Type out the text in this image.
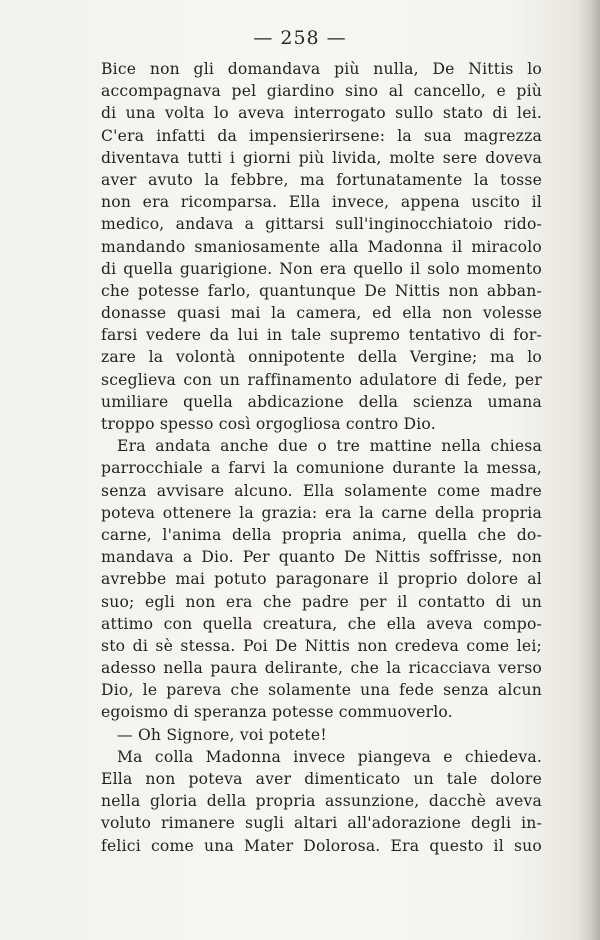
— 258 —
Bice non gli domandava più nulla, De Nittis lo
accompagnava pel giardino sino al cancello, e più
di una volta lo aveva interrogato sullo stato di lei.
C'era infatti da impensierirsene: la sua magrezza
diventava tutti i giorni più livida, molte sere doveva
aver avuto la febbre, ma fortunatamente la tosse
non era ricomparsa. Ella invece, appena uscito il
medico, andava a gittarsi sull'inginocchiatoio rido-
mandando smaniosamente alla Madonna il miracolo
di quella guarigione. Non era quello il solo momento
che potesse farlo, quantunque De Nittis non abban-
donasse quasi mai la camera, ed ella non volesse
farsi vedere da lui in tale supremo tentativo di for-
zare la volontà onnipotente della Vergine; ma lo
sceglieva con un raffinamento adulatore di fede, per
umiliare quella abdicazione della scienza umana
troppo spesso così orgogliosa contro Dio.
Era andata anche due o tre mattine nella chiesa
parrocchiale a farvi la comunione durante la messa,
senza avvisare alcuno. Ella solamente come madre
poteva ottenere la grazia: era la carne della propria
carne, l'anima della propria anima, quella che do-
mandava a Dio. Per quanto De Nittis soffrisse, non
avrebbe mai potuto paragonare il proprio dolore al
suo; egli non era che padre per il contatto di un
attimo con quella creatura, che ella aveva compo-
sto di sè stessa. Poi De Nittis non credeva come lei;
adesso nella paura delirante, che la ricacciava verso
Dio, le pareva che solamente una fede senza alcun
egoismo di speranza potesse commuoverlo.
— Oh Signore, voi potete!
Ma colla Madonna invece piangeva e chiedeva.
Ella non poteva aver dimenticato un tale dolore
nella gloria della propria assunzione, dacchè aveva
voluto rimanere sugli altari all'adorazione degli in-
felici come una Mater Dolorosa. Era questo il suo
